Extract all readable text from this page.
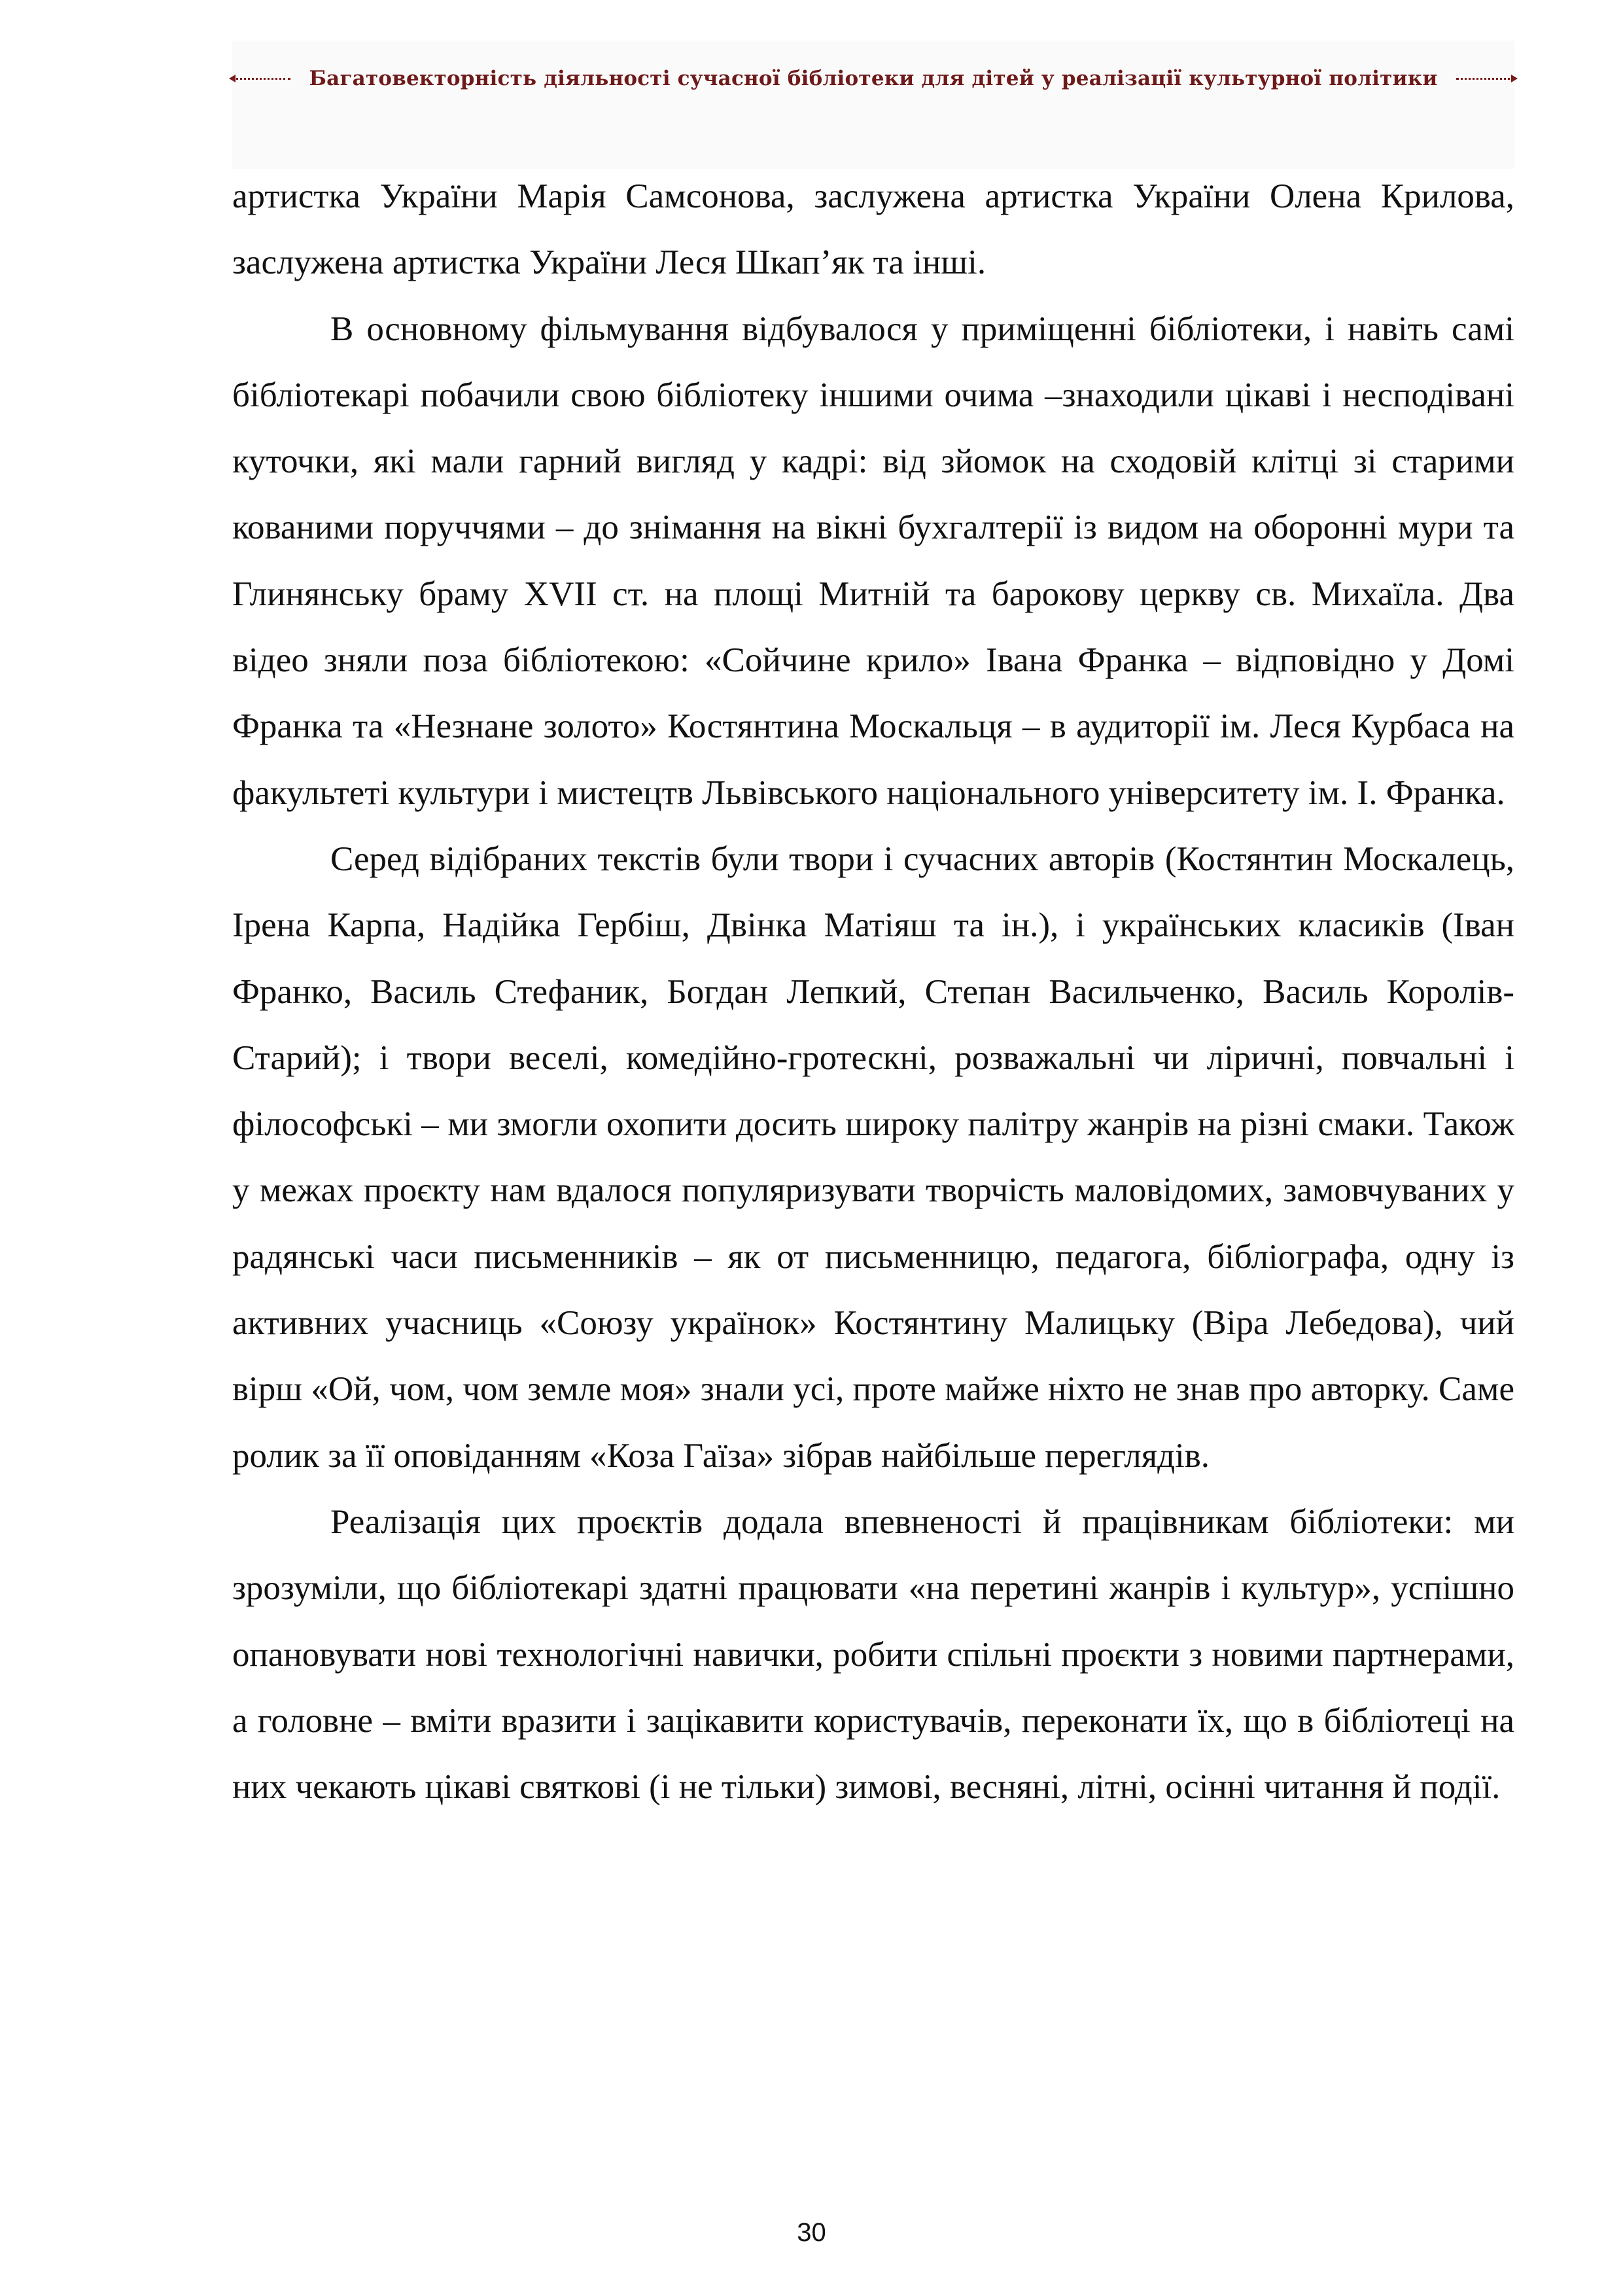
Багатовекторність діяльності сучасної бібліотеки для дітей у реалізації культурної політики

артистка України Марія Самсонова, заслужена артистка України Олена Крилова, заслужена артистка України Леся Шкап’як та інші.

В основному фільмування відбувалося у приміщенні бібліотеки, і навіть самі бібліотекарі побачили свою бібліотеку іншими очима –знаходили цікаві і несподівані куточки, які мали гарний вигляд у кадрі: від зйомок на сходовій клітці зі старими кованими поруччями – до знімання на вікні бухгалтерії із видом на оборонні мури та Глинянську браму XVII ст. на площі Митній та барокову церкву св. Михаїла. Два відео зняли поза бібліотекою: «Сойчине крило» Івана Франка – відповідно у Домі Франка та «Незнане золото» Костянтина Москальця – в аудиторії ім. Леся Курбаса на факультеті культури і мистецтв Львівського національного університету ім. І. Франка.

Серед відібраних текстів були твори і сучасних авторів (Костянтин Москалець, Ірена Карпа, Надійка Гербіш, Двінка Матіяш та ін.), і українських класиків (Іван Франко, Василь Стефаник, Богдан Лепкий, Степан Васильченко, Василь Королів-Старий); і твори веселі, комедійно-гротескні, розважальні чи ліричні, повчальні і філософські – ми змогли охопити досить широку палітру жанрів на різні смаки. Також у межах проєкту нам вдалося популяризувати творчість маловідомих, замовчуваних у радянські часи письменників – як от письменницю, педагога, бібліографа, одну із активних учасниць «Союзу українок» Костянтину Малицьку (Віра Лебедова), чий вірш «Ой, чом, чом земле моя» знали усі, проте майже ніхто не знав про авторку. Саме ролик за її оповіданням «Коза Гаїза» зібрав найбільше переглядів.

Реалізація цих проєктів додала впевненості й працівникам бібліотеки: ми зрозуміли, що бібліотекарі здатні працювати «на перетині жанрів і культур», успішно опановувати нові технологічні навички, робити спільні проєкти з новими партнерами, а головне – вміти вразити і зацікавити користувачів, переконати їх, що в бібліотеці на них чекають цікаві святкові (і не тільки) зимові, весняні, літні, осінні читання й події.

30
